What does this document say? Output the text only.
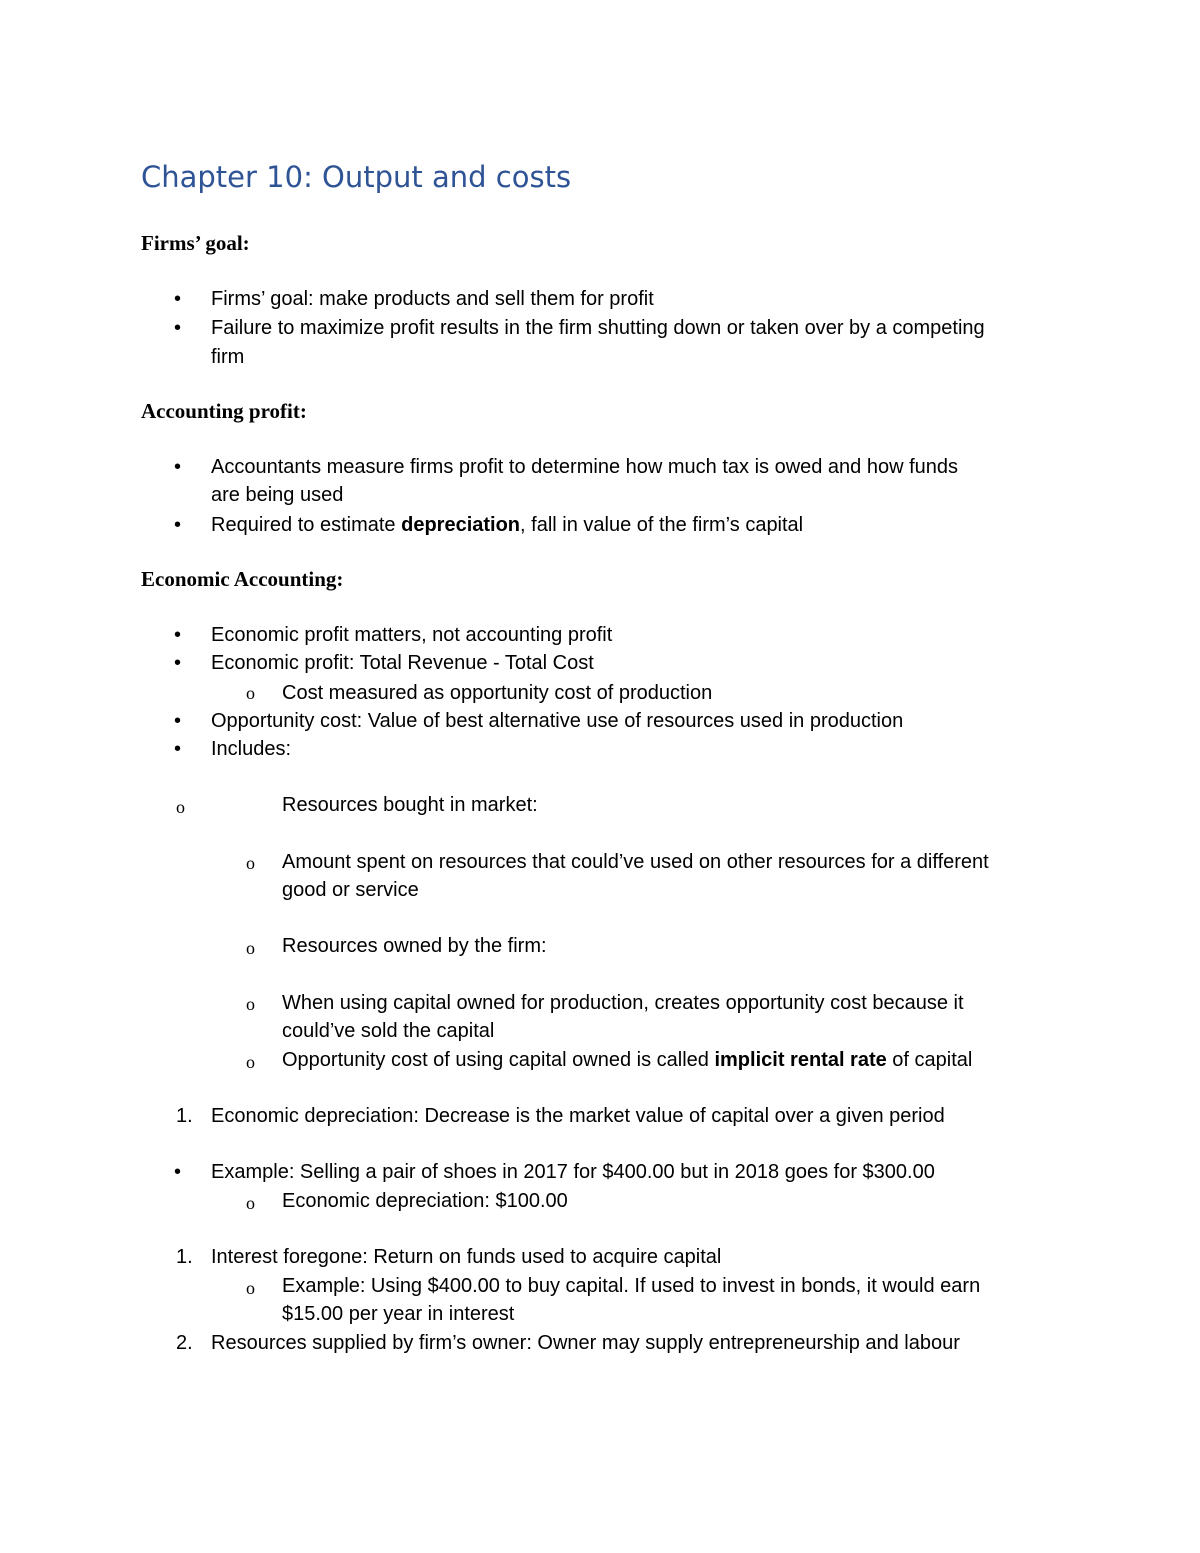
Chapter 10: Output and costs
Firms’ goal:
• Firms’ goal: make products and sell them for profit
• Failure to maximize profit results in the firm shutting down or taken over by a competing
firm
Accounting profit:
• Accountants measure firms profit to determine how much tax is owed and how funds
are being used
• Required to estimate depreciation, fall in value of the firm’s capital
Economic Accounting:
• Economic profit matters, not accounting profit
• Economic profit: Total Revenue - Total Cost
o Cost measured as opportunity cost of production
• Opportunity cost: Value of best alternative use of resources used in production
• Includes:
o	Resources bought in market:
o Amount spent on resources that could’ve used on other resources for a different
good or service
o Resources owned by the firm:
o When using capital owned for production, creates opportunity cost because it
could’ve sold the capital
o Opportunity cost of using capital owned is called implicit rental rate of capital
1. Economic depreciation: Decrease is the market value of capital over a given period
• Example: Selling a pair of shoes in 2017 for $400.00 but in 2018 goes for $300.00
o Economic depreciation: $100.00
1. Interest foregone: Return on funds used to acquire capital
o Example: Using $400.00 to buy capital. If used to invest in bonds, it would earn
$15.00 per year in interest
2. Resources supplied by firm’s owner: Owner may supply entrepreneurship and labour
